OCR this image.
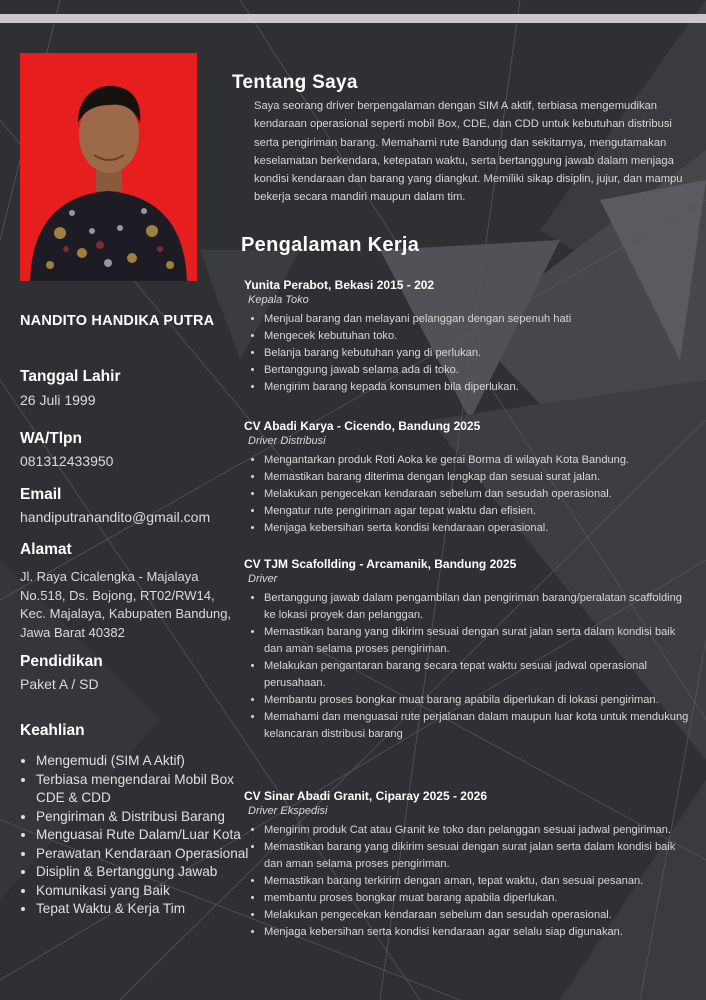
NANDITO HANDIKA PUTRA
Tanggal Lahir
26 Juli 1999
WA/Tlpn
081312433950
Email
handiputranandito@gmail.com
Alamat
Jl. Raya Cicalengka - Majalaya No.518, Ds. Bojong, RT02/RW14, Kec. Majalaya, Kabupaten Bandung, Jawa Barat 40382
Pendidikan
Paket A / SD
Keahlian
• Mengemudi (SIM A Aktif)
• Terbiasa mengendarai Mobil Box CDE & CDD
• Pengiriman & Distribusi Barang
• Menguasai Rute Dalam/Luar Kota
• Perawatan Kendaraan Operasional
• Disiplin & Bertanggung Jawab
• Komunikasi yang Baik
• Tepat Waktu & Kerja Tim
Tentang Saya

Saya seorang driver berpengalaman dengan SIM A aktif, terbiasa mengemudikan kendaraan operasional seperti mobil Box, CDE, dan CDD untuk kebutuhan distribusi serta pengiriman barang. Memahami rute Bandung dan sekitarnya, mengutamakan keselamatan berkendara, ketepatan waktu, serta bertanggung jawab dalam menjaga kondisi kendaraan dan barang yang diangkut. Memiliki sikap disiplin, jujur, dan mampu bekerja secara mandiri maupun dalam tim.

Pengalaman Kerja

Yunita Perabot, Bekasi 2015 - 202

Kepala Toko

• Menjual barang dan melayani pelanggan dengan sepenuh hati
• Mengecek kebutuhan toko.
• Belanja barang kebutuhan yang di perlukan.
• Bertanggung jawab selama ada di toko.
• Mengirim barang kepada konsumen bila diperlukan.

CV Abadi Karya - Cicendo, Bandung 2025

Driver Distribusi

• Mengantarkan produk Roti Aoka ke gerai Borma di wilayah Kota Bandung.
• Memastikan barang diterima dengan lengkap dan sesuai surat jalan.
• Melakukan pengecekan kendaraan sebelum dan sesudah operasional.
• Mengatur rute pengiriman agar tepat waktu dan efisien.
• Menjaga kebersihan serta kondisi kendaraan operasional.

CV TJM Scafollding - Arcamanik, Bandung 2025

Driver

• Bertanggung jawab dalam pengambilan dan pengiriman barang/peralatan scaffolding ke lokasi proyek dan pelanggan.
• Memastikan barang yang dikirim sesuai dengan surat jalan serta dalam kondisi baik dan aman selama proses pengiriman.
• Melakukan pengantaran barang secara tepat waktu sesuai jadwal operasional perusahaan.
• Membantu proses bongkar muat barang apabila diperlukan di lokasi pengiriman.
• Memahami dan menguasai rute perjalanan dalam maupun luar kota untuk mendukung kelancaran distribusi barang

CV Sinar Abadi Granit, Ciparay 2025 - 2026

Driver Ekspedisi

• Mengirim produk Cat atau Granit ke toko dan pelanggan sesuai jadwal pengiriman.
• Memastikan barang yang dikirim sesuai dengan surat jalan serta dalam kondisi baik dan aman selama proses pengiriman.
• Memastikan barang terkirim dengan aman, tepat waktu, dan sesuai pesanan.
• membantu proses bongkar muat barang apabila diperlukan.
• Melakukan pengecekan kendaraan sebelum dan sesudah operasional.
• Menjaga kebersihan serta kondisi kendaraan agar selalu siap digunakan.
